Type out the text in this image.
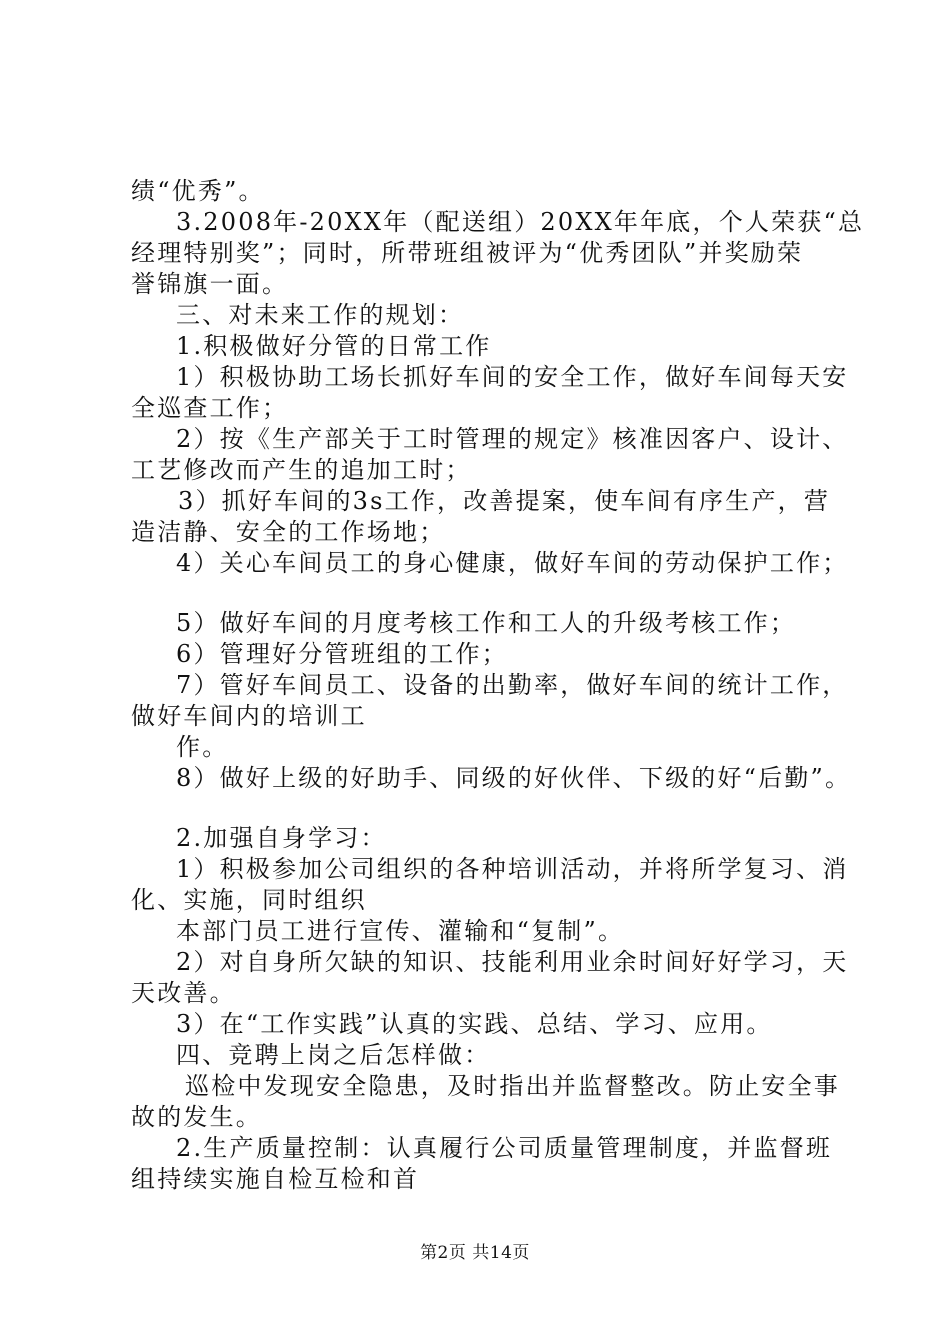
绩“优秀”。
3.2008年-20XX年（配送组）20XX年年底，个人荣获“总
经理特别奖”；同时，所带班组被评为“优秀团队”并奖励荣
誉锦旗一面。
三、对未来工作的规划：
1.积极做好分管的日常工作
1）积极协助工场长抓好车间的安全工作，做好车间每天安
全巡查工作；
2）按《生产部关于工时管理的规定》核准因客户、设计、
工艺修改而产生的追加工时；
3）抓好车间的3s工作，改善提案，使车间有序生产，营
造洁静、安全的工作场地；
4）关心车间员工的身心健康，做好车间的劳动保护工作；
5）做好车间的月度考核工作和工人的升级考核工作；
6）管理好分管班组的工作；
7）管好车间员工、设备的出勤率，做好车间的统计工作，
做好车间内的培训工
作。
8）做好上级的好助手、同级的好伙伴、下级的好“后勤”。
2.加强自身学习：
1）积极参加公司组织的各种培训活动，并将所学复习、消
化、实施，同时组织
本部门员工进行宣传、灌输和“复制”。
2）对自身所欠缺的知识、技能利用业余时间好好学习，天
天改善。
3）在“工作实践”认真的实践、总结、学习、应用。
四、竞聘上岗之后怎样做：
巡检中发现安全隐患，及时指出并监督整改。防止安全事
故的发生。
2.生产质量控制：认真履行公司质量管理制度，并监督班
组持续实施自检互检和首
第2页 共14页
